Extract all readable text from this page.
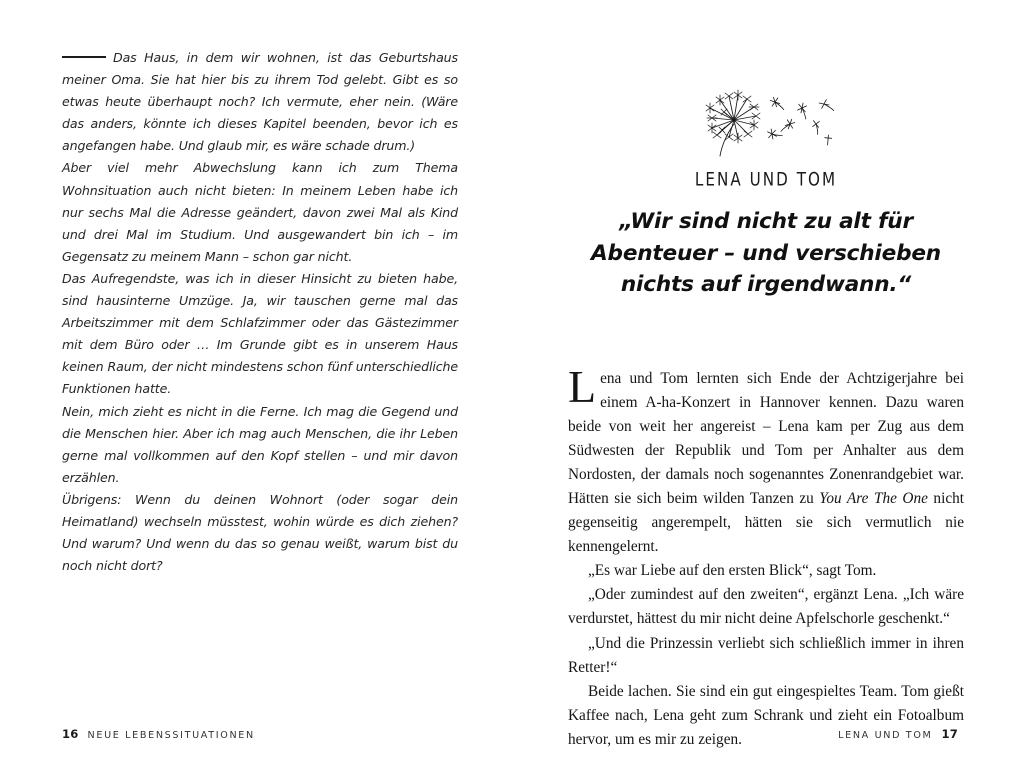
Das Haus, in dem wir wohnen, ist das Geburtshaus meiner Oma. Sie hat hier bis zu ihrem Tod gelebt. Gibt es so etwas heute überhaupt noch? Ich vermute, eher nein. (Wäre das anders, könnte ich dieses Kapitel beenden, bevor ich es angefangen habe. Und glaub mir, es wäre schade drum.)

Aber viel mehr Abwechslung kann ich zum Thema Wohnsituation auch nicht bieten: In meinem Leben habe ich nur sechs Mal die Adresse geändert, davon zwei Mal als Kind und drei Mal im Studium. Und ausgewandert bin ich – im Gegensatz zu meinem Mann – schon gar nicht.

Das Aufregendste, was ich in dieser Hinsicht zu bieten habe, sind hausinterne Umzüge. Ja, wir tauschen gerne mal das Arbeitszimmer mit dem Schlafzimmer oder das Gästezimmer mit dem Büro oder … Im Grunde gibt es in unserem Haus keinen Raum, der nicht mindestens schon fünf unterschiedliche Funktionen hatte.

Nein, mich zieht es nicht in die Ferne. Ich mag die Gegend und die Menschen hier. Aber ich mag auch Menschen, die ihr Leben gerne mal vollkommen auf den Kopf stellen – und mir davon erzählen.

Übrigens: Wenn du deinen Wohnort (oder sogar dein Heimatland) wechseln müsstest, wohin würde es dich ziehen? Und warum? Und wenn du das so genau weißt, warum bist du noch nicht dort?

16 NEUE LEBENSSITUATIONEN
LENA UND TOM
„Wir sind nicht zu alt für Abenteuer – und verschieben nichts auf irgendwann.“

Lena und Tom lernten sich Ende der Achtzigerjahre bei einem A-ha-Konzert in Hannover kennen. Dazu waren beide von weit her angereist – Lena kam per Zug aus dem Südwesten der Republik und Tom per Anhalter aus dem Nordosten, der damals noch sogenanntes Zonenrandgebiet war. Hätten sie sich beim wilden Tanzen zu You Are The One nicht gegenseitig angerempelt, hätten sie sich vermutlich nie kennengelernt.

„Es war Liebe auf den ersten Blick“, sagt Tom.

„Oder zumindest auf den zweiten“, ergänzt Lena. „Ich wäre verdurstet, hättest du mir nicht deine Apfelschorle geschenkt.“

„Und die Prinzessin verliebt sich schließlich immer in ihren Retter!“

Beide lachen. Sie sind ein gut eingespieltes Team. Tom gießt Kaffee nach, Lena geht zum Schrank und zieht ein Fotoalbum hervor, um es mir zu zeigen.	LENA UND TOM 17
